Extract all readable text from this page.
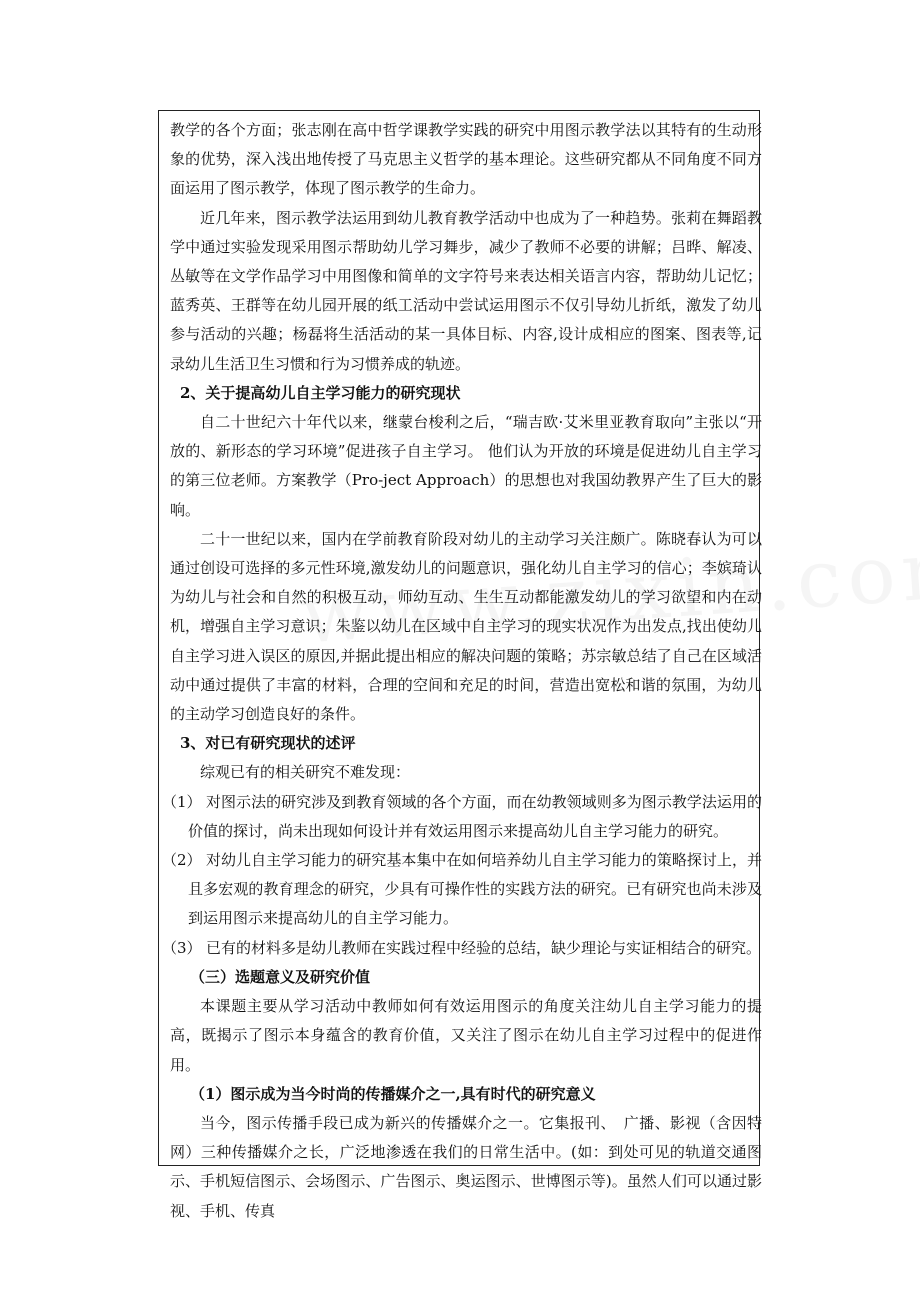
教学的各个方面；张志刚在高中哲学课教学实践的研究中用图示教学法以其特有的生动形象的优势，深入浅出地传授了马克思主义哲学的基本理论。这些研究都从不同角度不同方面运用了图示教学，体现了图示教学的生命力。

近几年来，图示教学法运用到幼儿教育教学活动中也成为了一种趋势。张莉在舞蹈教学中通过实验发现采用图示帮助幼儿学习舞步，减少了教师不必要的讲解；吕晔、解凌、丛敏等在文学作品学习中用图像和简单的文字符号来表达相关语言内容，帮助幼儿记忆；蓝秀英、王群等在幼儿园开展的纸工活动中尝试运用图示不仅引导幼儿折纸，激发了幼儿参与活动的兴趣；杨磊将生活活动的某一具体目标、内容,设计成相应的图案、图表等,记录幼儿生活卫生习惯和行为习惯养成的轨迹。

2、关于提高幼儿自主学习能力的研究现状

自二十世纪六十年代以来，继蒙台梭利之后，“瑞吉欧·艾米里亚教育取向”主张以“开放的、新形态的学习环境”促进孩子自主学习。 他们认为开放的环境是促进幼儿自主学习的第三位老师。方案教学（Pro-ject Approach）的思想也对我国幼教界产生了巨大的影响。

二十一世纪以来，国内在学前教育阶段对幼儿的主动学习关注颇广。陈晓春认为可以通过创设可选择的多元性环境,激发幼儿的问题意识，强化幼儿自主学习的信心；李嫔琦认为幼儿与社会和自然的积极互动，师幼互动、生生互动都能激发幼儿的学习欲望和内在动机，增强自主学习意识；朱鉴以幼儿在区域中自主学习的现实状况作为出发点,找出使幼儿自主学习进入误区的原因,并据此提出相应的解决问题的策略；苏宗敏总结了自己在区域活动中通过提供了丰富的材料，合理的空间和充足的时间，营造出宽松和谐的氛围，为幼儿的主动学习创造良好的条件。

3、对已有研究现状的述评

综观已有的相关研究不难发现：

（1） 对图示法的研究涉及到教育领域的各个方面，而在幼教领域则多为图示教学法运用的价值的探讨，尚未出现如何设计并有效运用图示来提高幼儿自主学习能力的研究。

（2） 对幼儿自主学习能力的研究基本集中在如何培养幼儿自主学习能力的策略探讨上，并且多宏观的教育理念的研究，少具有可操作性的实践方法的研究。已有研究也尚未涉及到运用图示来提高幼儿的自主学习能力。

（3） 已有的材料多是幼儿教师在实践过程中经验的总结，缺少理论与实证相结合的研究。

（三）选题意义及研究价值

本课题主要从学习活动中教师如何有效运用图示的角度关注幼儿自主学习能力的提高，既揭示了图示本身蕴含的教育价值，又关注了图示在幼儿自主学习过程中的促进作用。

（1）图示成为当今时尚的传播媒介之一,具有时代的研究意义

当今，图示传播手段已成为新兴的传播媒介之一。它集报刊、　广播、影视（含因特网）三种传播媒介之长，广泛地渗透在我们的日常生活中。(如：到处可见的轨道交通图示、手机短信图示、会场图示、广告图示、奥运图示、世博图示等)。虽然人们可以通过影视、手机、传真
